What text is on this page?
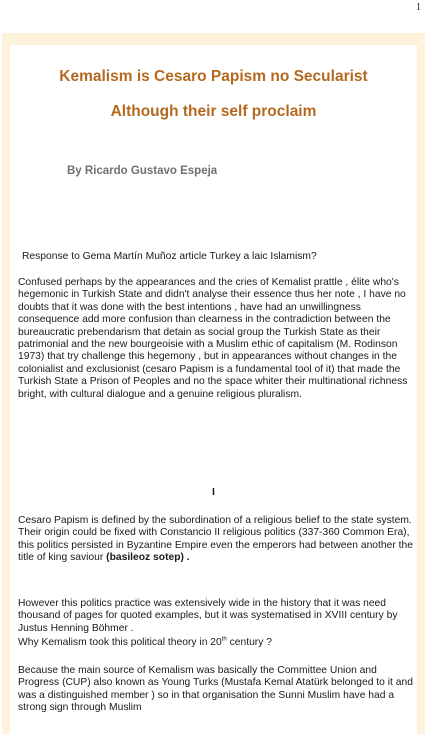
1
Kemalism is Cesaro Papism no Secularist
Although their self proclaim

By Ricardo Gustavo Espeja

Response to Gema Martín Muñoz article Turkey a laic Islamism?

Confused perhaps by the appearances and the cries of Kemalist prattle , élite who's hegemonic in Turkish State and didn't analyse their essence thus her note , I have no doubts that it was done with the best intentions , have had an unwillingness consequence add more confusion than clearness in the contradiction between the bureaucratic prebendarism that detain as social group the Turkish State as their patrimonial and the new bourgeoisie with a Muslim ethic of capitalism (M. Rodinson 1973) that try challenge this hegemony , but in appearances without changes in the colonialist and exclusionist (cesaro Papism is a fundamental tool of it) that made the Turkish State a Prison of Peoples and no the space whiter their multinational richness bright, with cultural dialogue and a genuine religious pluralism.

I

Cesaro Papism is defined by the subordination of a religious belief to the state system. Their origin could be fixed with Constancio II religious politics (337-360 Common Era), this politics persisted in Byzantine Empire even the emperors had between another the title of king saviour (basileoz sotep) .

However this politics practice was extensively wide in the history that it was need thousand of pages for quoted examples, but it was systematised in XVIII century by Justus Henning Böhmer .

Why Kemalism took this political theory in 20th century ?

Because the main source of Kemalism was basically the Committee Union and Progress (CUP) also known as Young Turks (Mustafa Kemal Atatürk belonged to it and was a distinguished member ) so in that organisation the Sunni Muslim have had a strong sign through Muslim
